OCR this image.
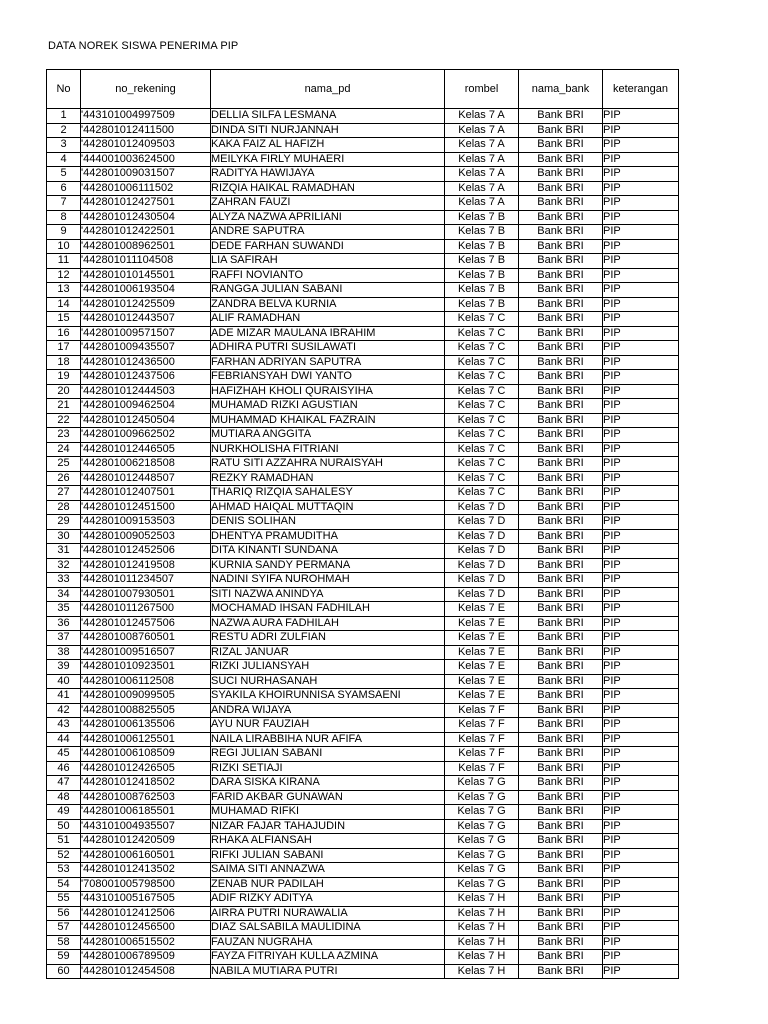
DATA NOREK SISWA PENERIMA PIP
No	no_rekening	nama_pd	rombel	nama_bank	keterangan
1	'443101004997509	DELLIA SILFA LESMANA	Kelas 7 A	Bank BRI	PIP
2	'442801012411500	DINDA SITI NURJANNAH	Kelas 7 A	Bank BRI	PIP
3	'442801012409503	KAKA FAIZ AL HAFIZH	Kelas 7 A	Bank BRI	PIP
4	'444001003624500	MEILYKA FIRLY MUHAERI	Kelas 7 A	Bank BRI	PIP
5	'442801009031507	RADITYA HAWIJAYA	Kelas 7 A	Bank BRI	PIP
6	'442801006111502	RIZQIA HAIKAL RAMADHAN	Kelas 7 A	Bank BRI	PIP
7	'442801012427501	ZAHRAN FAUZI	Kelas 7 A	Bank BRI	PIP
8	'442801012430504	ALYZA NAZWA APRILIANI	Kelas 7 B	Bank BRI	PIP
9	'442801012422501	ANDRE SAPUTRA	Kelas 7 B	Bank BRI	PIP
10	'442801008962501	DEDE FARHAN SUWANDI	Kelas 7 B	Bank BRI	PIP
11	'442801011104508	LIA SAFIRAH	Kelas 7 B	Bank BRI	PIP
12	'442801010145501	RAFFI NOVIANTO	Kelas 7 B	Bank BRI	PIP
13	'442801006193504	RANGGA JULIAN SABANI	Kelas 7 B	Bank BRI	PIP
14	'442801012425509	ZANDRA BELVA KURNIA	Kelas 7 B	Bank BRI	PIP
15	'442801012443507	ALIF RAMADHAN	Kelas 7 C	Bank BRI	PIP
16	'442801009571507	ADE MIZAR MAULANA IBRAHIM	Kelas 7 C	Bank BRI	PIP
17	'442801009435507	ADHIRA PUTRI SUSILAWATI	Kelas 7 C	Bank BRI	PIP
18	'442801012436500	FARHAN ADRIYAN SAPUTRA	Kelas 7 C	Bank BRI	PIP
19	'442801012437506	FEBRIANSYAH DWI YANTO	Kelas 7 C	Bank BRI	PIP
20	'442801012444503	HAFIZHAH KHOLI QURAISYIHA	Kelas 7 C	Bank BRI	PIP
21	'442801009462504	MUHAMAD RIZKI AGUSTIAN	Kelas 7 C	Bank BRI	PIP
22	'442801012450504	MUHAMMAD KHAIKAL FAZRAIN	Kelas 7 C	Bank BRI	PIP
23	'442801009662502	MUTIARA ANGGITA	Kelas 7 C	Bank BRI	PIP
24	'442801012446505	NURKHOLISHA FITRIANI	Kelas 7 C	Bank BRI	PIP
25	'442801006218508	RATU SITI AZZAHRA NURAISYAH	Kelas 7 C	Bank BRI	PIP
26	'442801012448507	REZKY RAMADHAN	Kelas 7 C	Bank BRI	PIP
27	'442801012407501	THARIQ RIZQIA SAHALESY	Kelas 7 C	Bank BRI	PIP
28	'442801012451500	AHMAD HAIQAL MUTTAQIN	Kelas 7 D	Bank BRI	PIP
29	'442801009153503	DENIS SOLIHAN	Kelas 7 D	Bank BRI	PIP
30	'442801009052503	DHENTYA PRAMUDITHA	Kelas 7 D	Bank BRI	PIP
31	'442801012452506	DITA KINANTI SUNDANA	Kelas 7 D	Bank BRI	PIP
32	'442801012419508	KURNIA SANDY PERMANA	Kelas 7 D	Bank BRI	PIP
33	'442801011234507	NADINI SYIFA NUROHMAH	Kelas 7 D	Bank BRI	PIP
34	'442801007930501	SITI NAZWA ANINDYA	Kelas 7 D	Bank BRI	PIP
35	'442801011267500	MOCHAMAD IHSAN FADHILAH	Kelas 7 E	Bank BRI	PIP
36	'442801012457506	NAZWA AURA FADHILAH	Kelas 7 E	Bank BRI	PIP
37	'442801008760501	RESTU ADRI ZULFIAN	Kelas 7 E	Bank BRI	PIP
38	'442801009516507	RIZAL JANUAR	Kelas 7 E	Bank BRI	PIP
39	'442801010923501	RIZKI JULIANSYAH	Kelas 7 E	Bank BRI	PIP
40	'442801006112508	SUCI NURHASANAH	Kelas 7 E	Bank BRI	PIP
41	'442801009099505	SYAKILA KHOIRUNNISA SYAMSAENI	Kelas 7 E	Bank BRI	PIP
42	'442801008825505	ANDRA WIJAYA	Kelas 7 F	Bank BRI	PIP
43	'442801006135506	AYU NUR FAUZIAH	Kelas 7 F	Bank BRI	PIP
44	'442801006125501	NAILA LIRABBIHA NUR AFIFA	Kelas 7 F	Bank BRI	PIP
45	'442801006108509	REGI JULIAN SABANI	Kelas 7 F	Bank BRI	PIP
46	'442801012426505	RIZKI SETIAJI	Kelas 7 F	Bank BRI	PIP
47	'442801012418502	DARA SISKA KIRANA	Kelas 7 G	Bank BRI	PIP
48	'442801008762503	FARID AKBAR GUNAWAN	Kelas 7 G	Bank BRI	PIP
49	'442801006185501	MUHAMAD RIFKI	Kelas 7 G	Bank BRI	PIP
50	'443101004935507	NIZAR FAJAR TAHAJUDIN	Kelas 7 G	Bank BRI	PIP
51	'442801012420509	RHAKA ALFIANSAH	Kelas 7 G	Bank BRI	PIP
52	'442801006160501	RIFKI JULIAN SABANI	Kelas 7 G	Bank BRI	PIP
53	'442801012413502	SAIMA SITI ANNAZWA	Kelas 7 G	Bank BRI	PIP
54	'708001005798500	ZENAB NUR PADILAH	Kelas 7 G	Bank BRI	PIP
55	'443101005167505	ADIF RIZKY ADITYA	Kelas 7 H	Bank BRI	PIP
56	'442801012412506	AIRRA PUTRI NURAWALIA	Kelas 7 H	Bank BRI	PIP
57	'442801012456500	DIAZ SALSABILA MAULIDINA	Kelas 7 H	Bank BRI	PIP
58	'442801006515502	FAUZAN NUGRAHA	Kelas 7 H	Bank BRI	PIP
59	'442801006789509	FAYZA FITRIYAH KULLA AZMINA	Kelas 7 H	Bank BRI	PIP
60	'442801012454508	NABILA MUTIARA PUTRI	Kelas 7 H	Bank BRI	PIP
